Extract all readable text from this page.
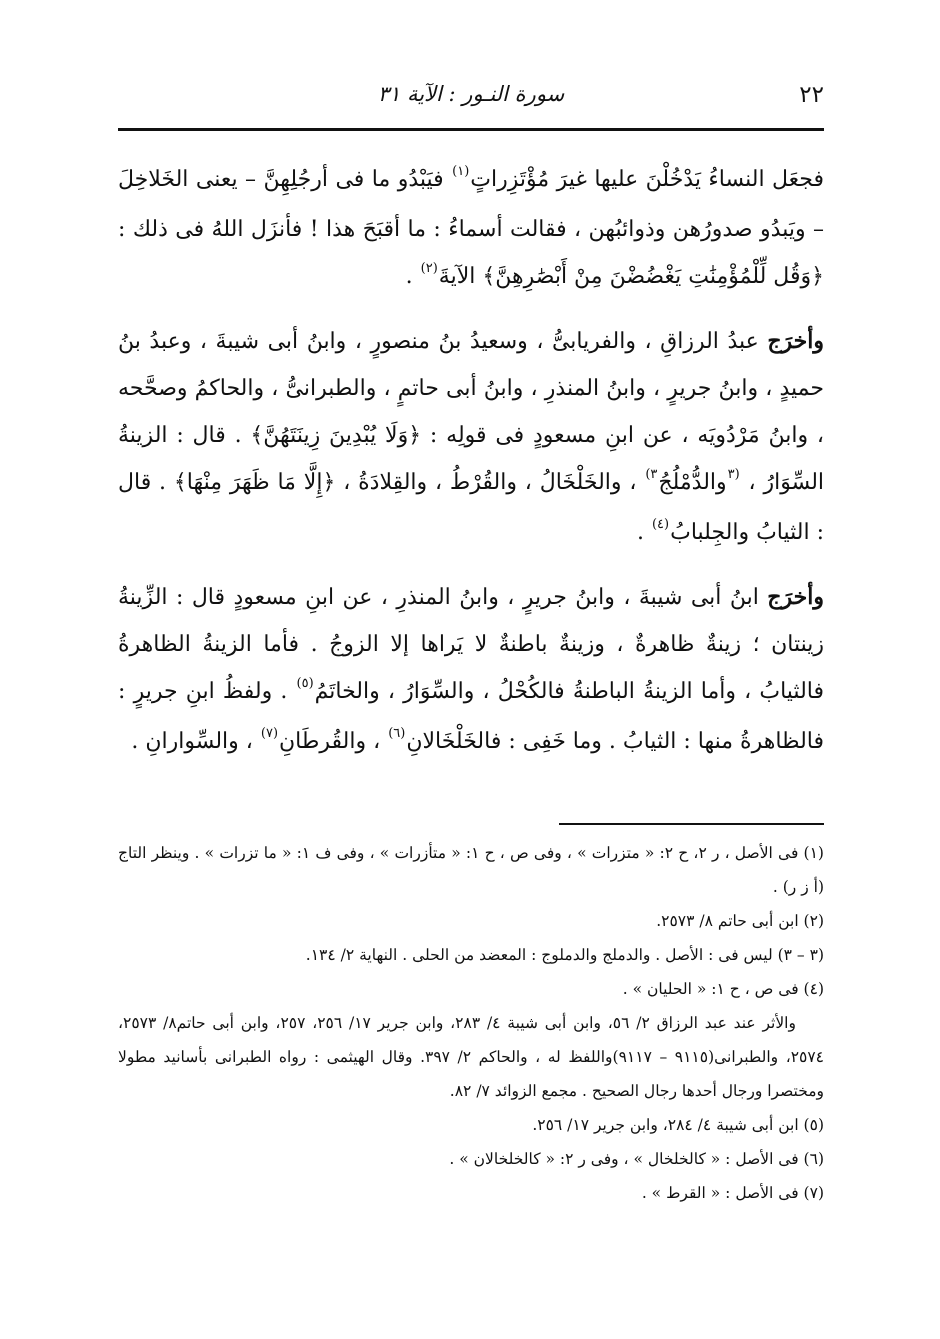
٢٢
سورة النـور : الآية ٣١

فجعَل النساءُ يَدْخُلْنَ عليها غيرَ مُؤْتَزِراتٍ$^{(١)}$ فيَبْدُو ما فى أرجُلِهِنَّ – يعنى الخَلاخِلَ – ويَبدُو صدورُهن وذوائبُهن ، فقالت أسماءُ : ما أقبَحَ هذا ! فأنزَل اللهُ فى ذلك : ﴿وَقُل لِّلْمُؤْمِنَٰتِ يَغْضُضْنَ مِنْ أَبْصَٰرِهِنَّ﴾ الآيةَ$^{(٢)}$ .

وأخرَج عبدُ الرزاقِ ، والفريابىُّ ، وسعيدُ بنُ منصورٍ ، وابنُ أبى شيبةَ ، وعبدُ بنُ حميدٍ ، وابنُ جريرٍ ، وابنُ المنذرِ ، وابنُ أبى حاتمٍ ، والطبرانىُّ ، والحاكمُ وصحَّحه ، وابنُ مَرْدُويَه ، عن ابنِ مسعودٍ فى قولِه : ﴿وَلَا يُبْدِينَ زِينَتَهُنَّ﴾ . قال : الزينةُ السِّوَارُ ، $^{(٣}$والدُّمْلُجُ$^{٣)}$ ، والخَلْخَالُ ، والقُرْطُ ، والقِلادَةُ ، ﴿إِلَّا مَا ظَهَرَ مِنْهَا﴾ . قال : الثيابُ والجِلبابُ$^{(٤)}$ .

وأخرَج ابنُ أبى شيبةَ ، وابنُ جريرٍ ، وابنُ المنذرِ ، عن ابنِ مسعودٍ قال : الزِّينةُ زينتان ؛ زينةٌ ظاهرةٌ ، وزينةٌ باطنةٌ لا يَراها إلا الزوجُ . فأما الزينةُ الظاهرةُ فالثيابُ ، وأما الزينةُ الباطنةُ فالكُحْلُ ، والسِّوَارُ ، والخاتَمُ$^{(٥)}$ . ولفظُ ابنِ جريرٍ : فالظاهرةُ منها : الثيابُ . وما خَفِى : فالخَلْخَالانِ$^{(٦)}$ ، والقُرطَانِ$^{(٧)}$ ، والسِّوارانِ .

(١) فى الأصل ، ر ٢، ح ٢: « متزرات » ، وفى ص ، ح ١: « متأزرات » ، وفى ف ١: « ما تزرات » . وينظر التاج (أ ز ر) .

(٢) ابن أبى حاتم ٨/ ٢٥٧٣.

(٣ – ٣) ليس فى : الأصل . والدملج والدملوج : المعضد من الحلى . النهاية ٢/ ١٣٤.

(٤) فى ص ، ح ١: « الحليان » .

والأثر عند عبد الرزاق ٢/ ٥٦، وابن أبى شيبة ٤/ ٢٨٣، وابن جرير ١٧/ ٢٥٦، ٢٥٧، وابن أبى حاتم٨/ ٢٥٧٣، ٢٥٧٤، والطبرانى(٩١١٥ – ٩١١٧)واللفظ له ، والحاكم ٢/ ٣٩٧. وقال الهيثمى : رواه الطبرانى بأسانيد مطولا ومختصرا ورجال أحدها رجال الصحيح . مجمع الزوائد ٧/ ٨٢.

(٥) ابن أبى شيبة ٤/ ٢٨٤، وابن جرير ١٧/ ٢٥٦.

(٦) فى الأصل : « كالخلخال » ، وفى ر ٢: « كالخلخالان » .

(٧) فى الأصل : « القرط » .
